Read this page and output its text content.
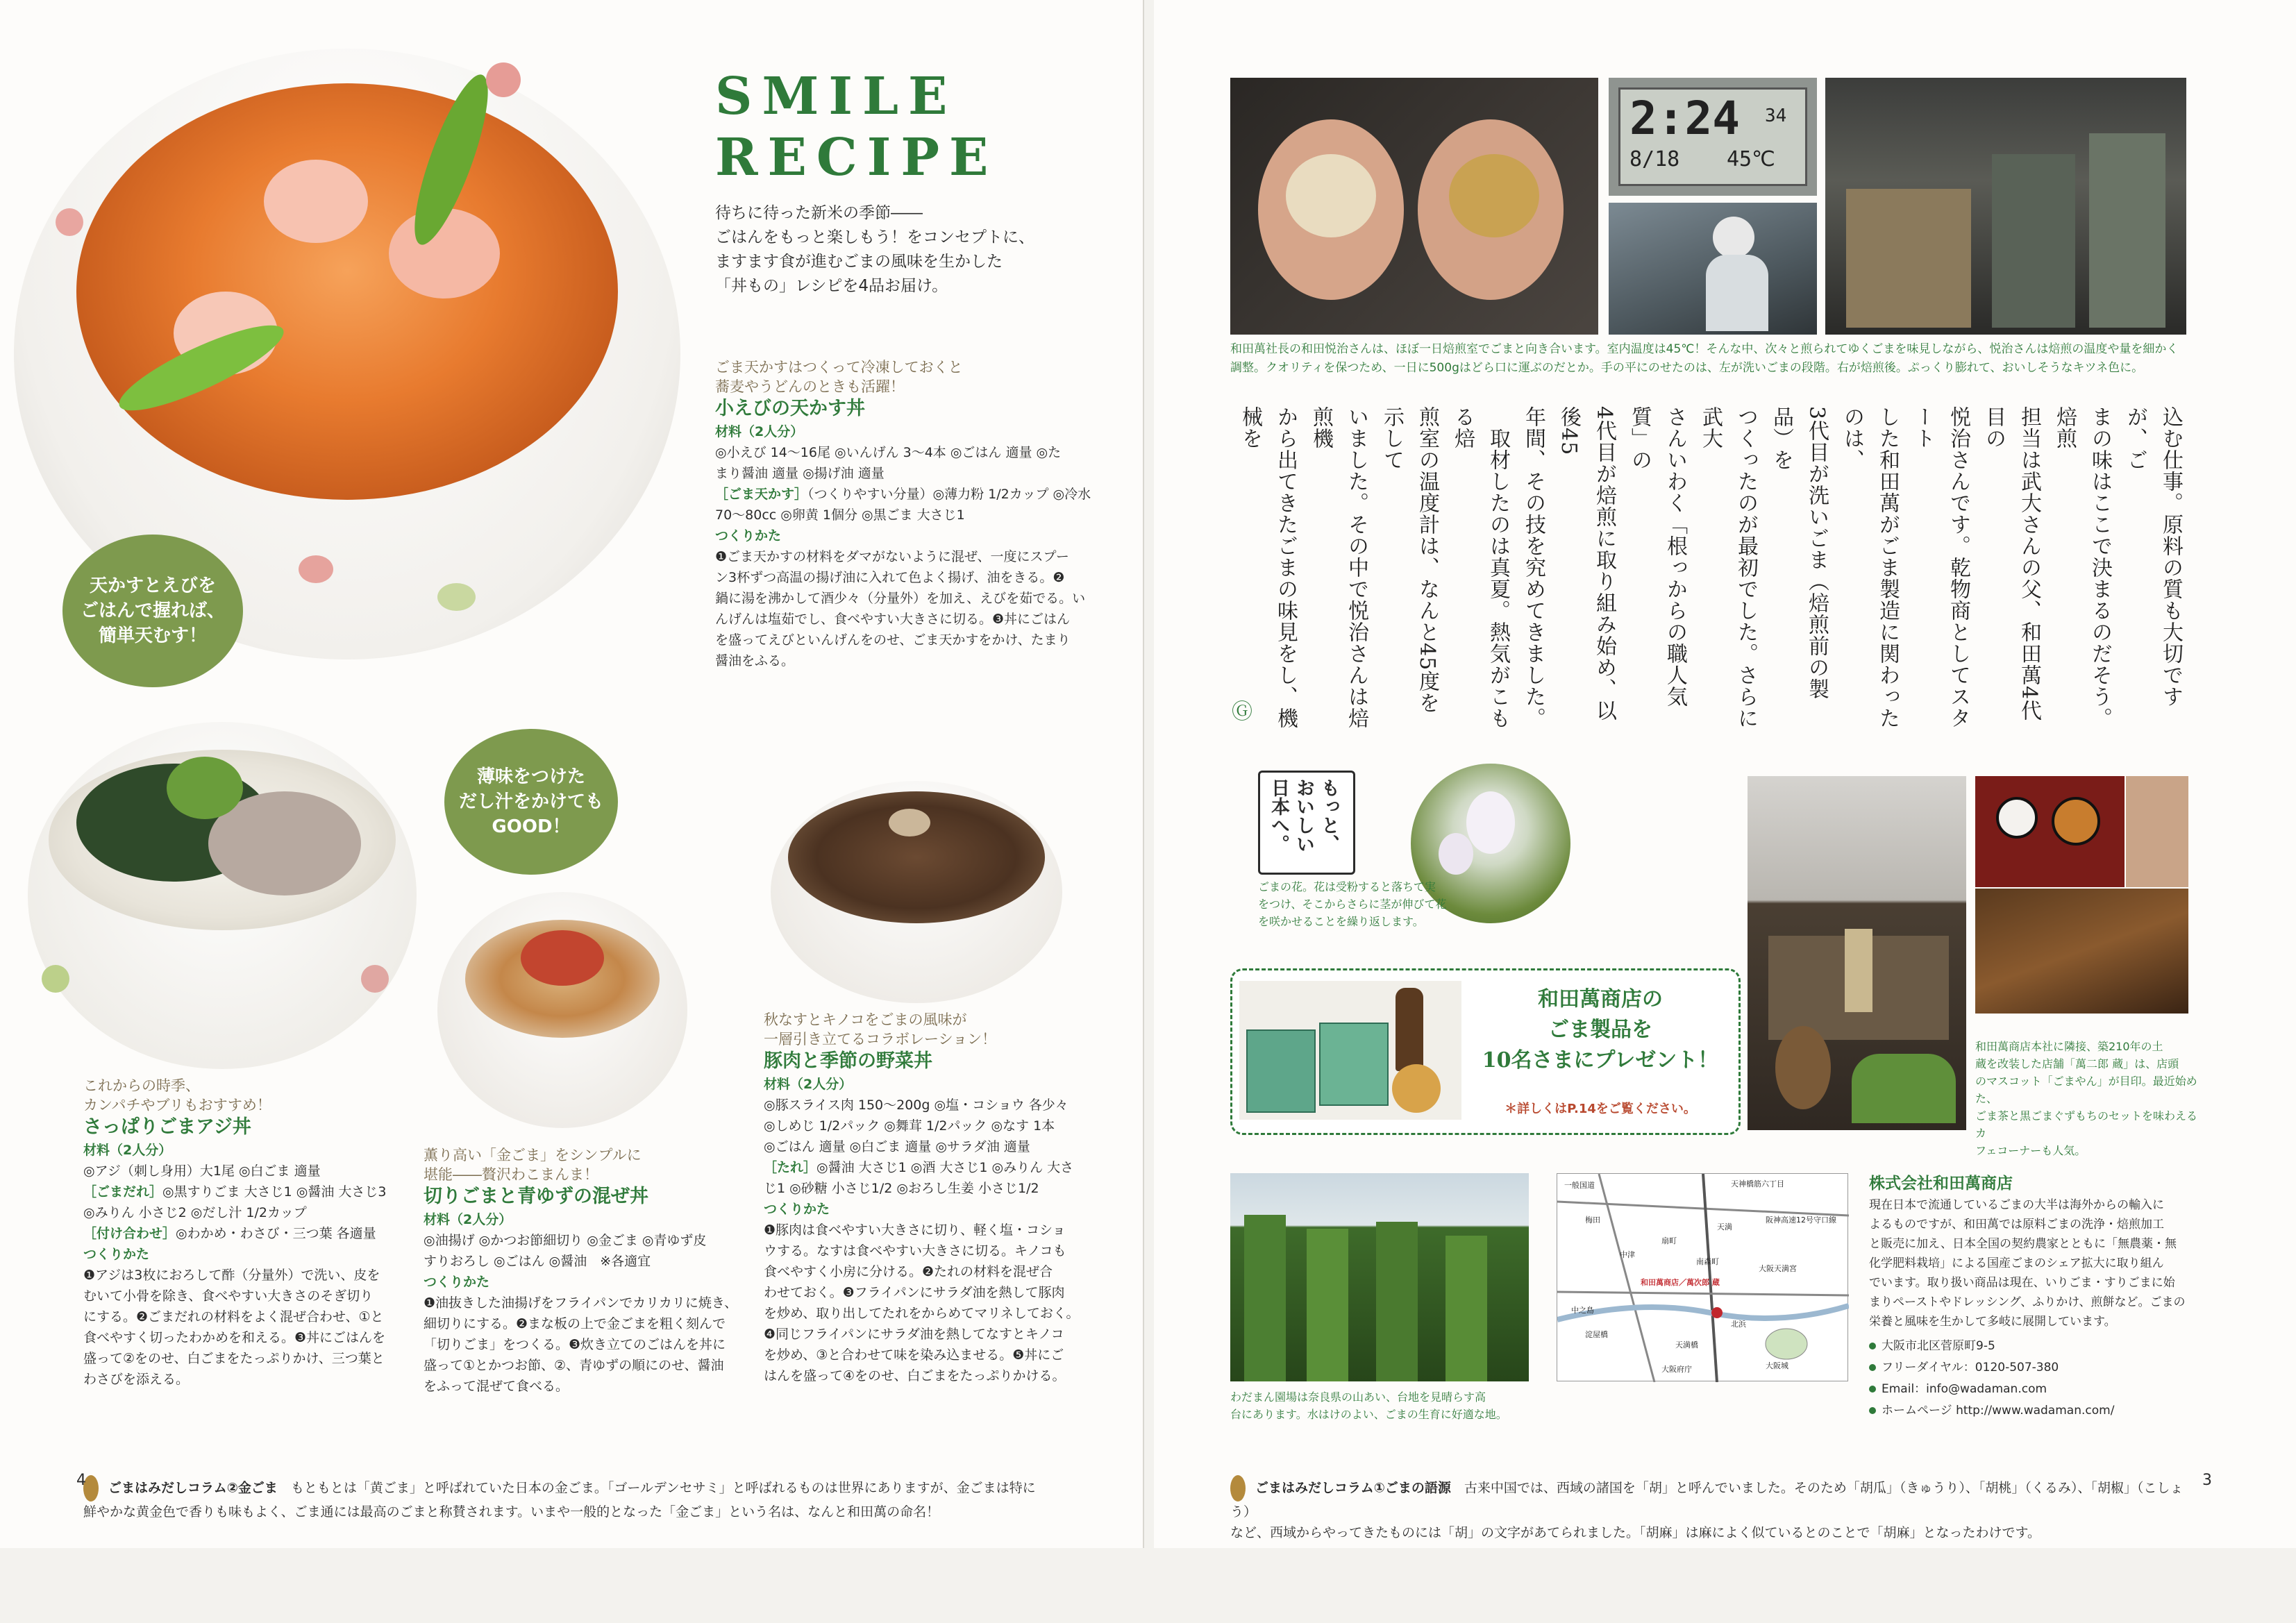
天かすとえびを
ごはんで握れば、
簡単天むす！
SMILE
RECIPE
待ちに待った新米の季節――
ごはんをもっと楽しもう！をコンセプトに、
ますます食が進むごまの風味を生かした
「丼もの」レシピを4品お届け。
ごま天かすはつくって冷凍しておくと
蕎麦やうどんのときも活躍！
小えびの天かす丼
材料（2人分）
◎小えび 14〜16尾 ◎いんげん 3〜4本 ◎ごはん 適量 ◎た
まり醤油 適量 ◎揚げ油 適量
［ごま天かす］（つくりやすい分量）◎薄力粉 1/2カップ ◎冷水
70〜80cc ◎卵黄 1個分 ◎黒ごま 大さじ1
つくりかた
❶ごま天かすの材料をダマがないように混ぜ、一度にスプー
ン3杯ずつ高温の揚げ油に入れて色よく揚げ、油をきる。❷
鍋に湯を沸かして酒少々（分量外）を加え、えびを茹でる。い
んげんは塩茹でし、食べやすい大きさに切る。❸丼にごはん
を盛ってえびといんげんをのせ、ごま天かすをかけ、たまり
醤油をふる。
薄味をつけた
だし汁をかけても
GOOD！
これからの時季、
カンパチやブリもおすすめ！
さっぱりごまアジ丼
材料（2人分）
◎アジ（刺し身用）大1尾 ◎白ごま 適量
［ごまだれ］◎黒すりごま 大さじ1 ◎醤油 大さじ3
◎みりん 小さじ2 ◎だし汁 1/2カップ
［付け合わせ］◎わかめ・わさび・三つ葉 各適量
つくりかた
❶アジは3枚におろして酢（分量外）で洗い、皮を
むいて小骨を除き、食べやすい大きさのそぎ切り
にする。❷ごまだれの材料をよく混ぜ合わせ、①と
食べやすく切ったわかめを和える。❸丼にごはんを
盛って②をのせ、白ごまをたっぷりかけ、三つ葉と
わさびを添える。
薫り高い「金ごま」をシンプルに
堪能――贅沢わこまんま！
切りごまと青ゆずの混ぜ丼
材料（2人分）
◎油揚げ ◎かつお節細切り ◎金ごま ◎青ゆず皮
すりおろし ◎ごはん ◎醤油　※各適宜
つくりかた
❶油抜きした油揚げをフライパンでカリカリに焼き、
細切りにする。❷まな板の上で金ごまを粗く刻んで
「切りごま」をつくる。❸炊き立てのごはんを丼に
盛って①とかつお節、②、青ゆずの順にのせ、醤油
をふって混ぜて食べる。
秋なすとキノコをごまの風味が
一層引き立てるコラボレーション！
豚肉と季節の野菜丼
材料（2人分）
◎豚スライス肉 150〜200g ◎塩・コショウ 各少々
◎しめじ 1/2パック ◎舞茸 1/2パック ◎なす 1本
◎ごはん 適量 ◎白ごま 適量 ◎サラダ油 適量
［たれ］◎醤油 大さじ1 ◎酒 大さじ1 ◎みりん 大さ
じ1 ◎砂糖 小さじ1/2 ◎おろし生姜 小さじ1/2
つくりかた
❶豚肉は食べやすい大きさに切り、軽く塩・コショ
ウする。なすは食べやすい大きさに切る。キノコも
食べやすく小房に分ける。❷たれの材料を混ぜ合
わせておく。❸フライパンにサラダ油を熱して豚肉
を炒め、取り出してたれをからめてマリネしておく。
❹同じフライパンにサラダ油を熱してなすとキノコ
を炒め、③と合わせて味を染み込ませる。❺丼にご
はんを盛って④をのせ、白ごまをたっぷりかける。

ごまはみだしコラム②金ごま　 もともとは「黄ごま」と呼ばれていた日本の金ごま。「ゴールデンセサミ」と呼ばれるものは世界にありますが、金ごまは特に
鮮やかな黄金色で香りも味もよく、ごま通には最高のごまと称賛されます。いまや一般的となった「金ごま」という名は、なんと和田萬の命名！

4
2:24 34
8/18 45℃
和田萬社長の和田悦治さんは、ほぼ一日焙煎室でごまと向き合います。室内温度は45℃！そんな中、次々と煎られてゆくごまを味見しながら、悦治さんは焙煎の温度や量を細かく
調整。クオリティを保つため、一日に500gはどら口に運ぶのだとか。手の平にのせたのは、左が洗いごまの段階。右が焙煎後。ぷっくり膨れて、おいしそうなキツネ色に。
込む仕事。原料の質も大切ですが、ご
まの味はここで決まるのだそう。焙煎
担当は武大さんの父、和田萬4代目の
悦治さんです。乾物商としてスタート
した和田萬がごま製造に関わったのは、
3代目が洗いごま（焙煎前の製品）を
つくったのが最初でした。さらに武大
さんいわく「根っからの職人気質」の
4代目が焙煎に取り組み始め、以後45
年間、その技を究めてきました。
　取材したのは真夏。熱気がこもる焙
煎室の温度計は、なんと45度を示して
いました。その中で悦治さんは焙煎機
から出てきたごまの味見をし、機械を
Ⓖ
もっと、
おいしい
日本へ。
ごまの花。花は受粉すると落ちて実
をつけ、そこからさらに茎が伸びて花
を咲かせることを繰り返します。
和田萬商店の
ごま製品を
10名さまにプレゼント！
＊詳しくはP.14をご覧ください。
和田萬商店本社に隣接、築210年の土
蔵を改装した店舗「萬二郎 蔵」は、店頭
のマスコット「ごまやん」が目印。最近始めた、
ごま茶と黒ごまぐずもちのセットを味わえるカ
フェコーナーも人気。
わだまん園場は奈良県の山あい、台地を見晴らす高
台にあります。水はけのよい、ごまの生育に好適な地。
一般国道	天神橋筋六丁目
阪神高速12号守口線
天満
扇町
南森町
大阪天満宮
和田萬商店／萬次郎 蔵
北浜
淀屋橋
天満橋
大阪城
大阪府庁
中之島
梅田
中津
株式会社和田萬商店
現在日本で流通しているごまの大半は海外からの輸入に
よるものですが、和田萬では原料ごまの洗浄・焙煎加工
と販売に加え、日本全国の契約農家とともに「無農薬・無
化学肥料栽培」による国産ごまのシェア拡大に取り組ん
でいます。取り扱い商品は現在、いりごま・すりごまに始
まりペーストやドレッシング、ふりかけ、煎餅など。ごまの
栄養と風味を生かして多岐に展開しています。
大阪市北区菅原町9-5
フリーダイヤル：0120-507-380
Email：info@wadaman.com
ホームページ http://www.wadaman.com/

ごまはみだしコラム①ごまの語源　 古来中国では、西域の諸国を「胡」と呼んでいました。そのため「胡瓜」（きゅうり）、「胡桃」（くるみ）、「胡椒」（こしょう）
など、西域からやってきたものには「胡」の文字があてられました。「胡麻」は麻によく似ているとのことで「胡麻」となったわけです。

3
